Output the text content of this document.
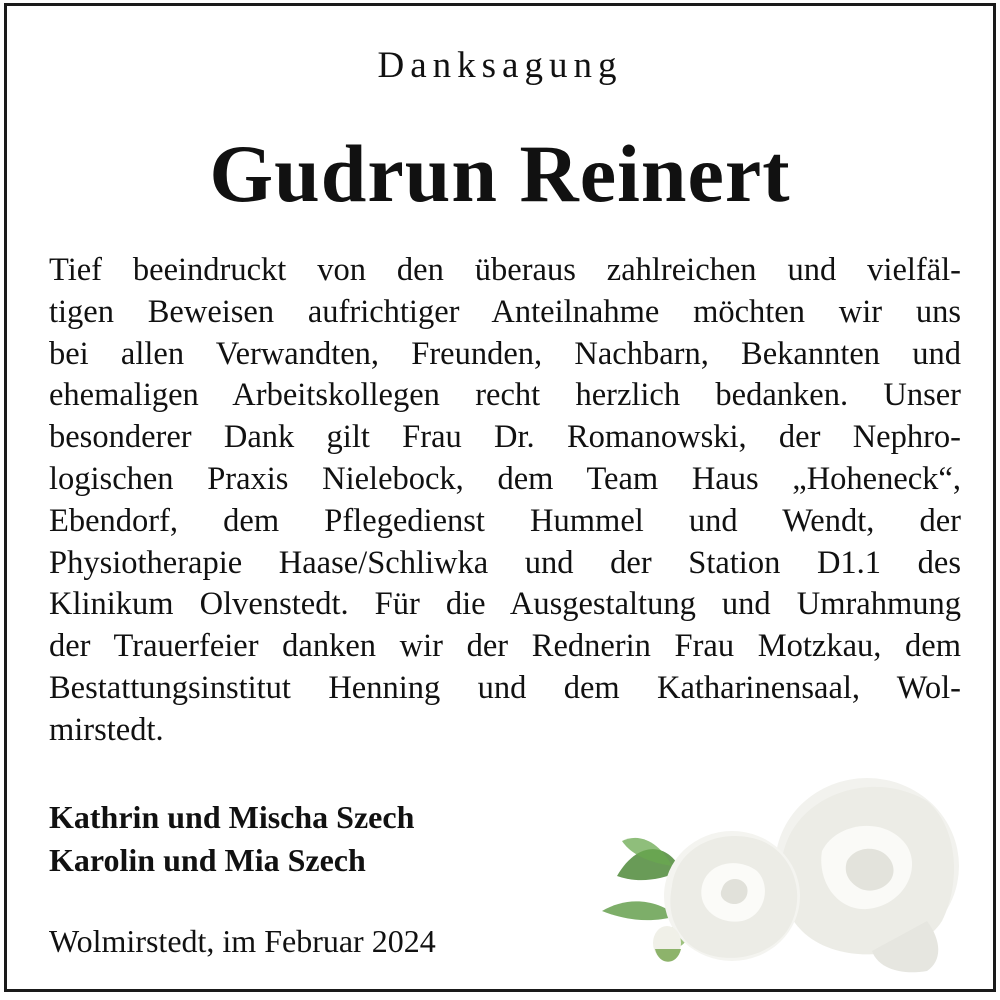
Danksagung
Gudrun Reinert
Tief beeindruckt von den überaus zahlreichen und vielfäl-
tigen Beweisen aufrichtiger Anteilnahme möchten wir uns
bei allen Verwandten, Freunden, Nachbarn, Bekannten und
ehemaligen Arbeitskollegen recht herzlich bedanken. Unser
besonderer Dank gilt Frau Dr. Romanowski, der Nephro-
logischen Praxis Nielebock, dem Team Haus „Hoheneck“,
Ebendorf, dem Pflegedienst Hummel und Wendt, der
Physiotherapie Haase/Schliwka und der Station D1.1 des
Klinikum Olvenstedt. Für die Ausgestaltung und Umrahmung
der Trauerfeier danken wir der Rednerin Frau Motzkau, dem
Bestattungsinstitut Henning und dem Katharinensaal, Wol-
mirstedt.
Kathrin und Mischa Szech
Karolin und Mia Szech
Wolmirstedt, im Februar 2024
